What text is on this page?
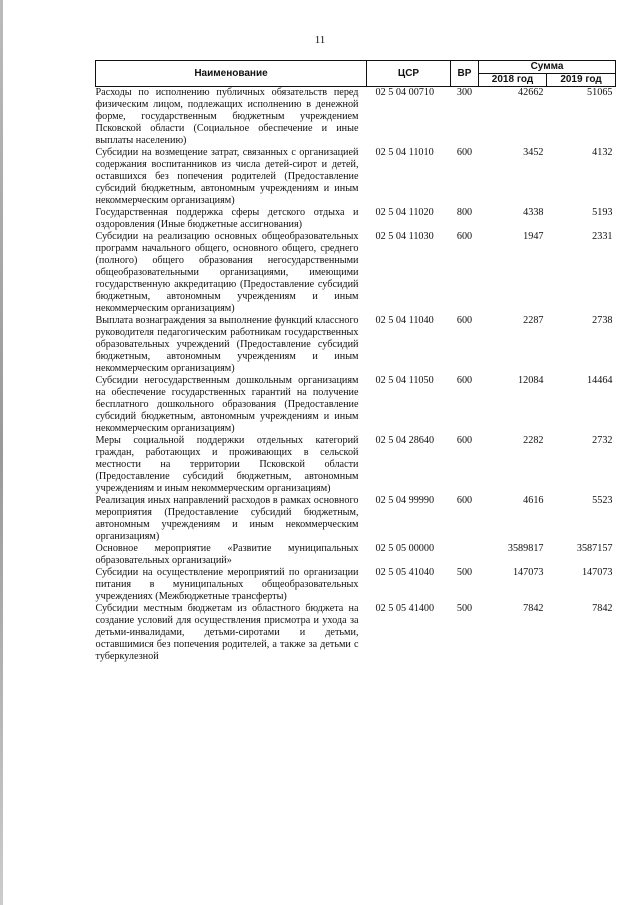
11
Наименование	ЦСР	ВР	Сумма	
			2018 год	2019 год
Расходы по исполнению публичных обязательств перед физическим лицом, подлежащих исполнению в денежной форме, государственным бюджетным учреждением Псковской области (Социальное обеспечение и иные выплаты населению)	02 5 04 00710	300	42662	51065
Субсидии на возмещение затрат, связанных с организацией содержания воспитанников из числа детей-сирот и детей, оставшихся без попечения родителей (Предоставление субсидий бюджетным, автономным учреждениям и иным некоммерческим организациям)	02 5 04 11010	600	3452	4132
Государственная поддержка сферы детского отдыха и оздоровления (Иные бюджетные ассигнования)	02 5 04 11020	800	4338	5193
Субсидии на реализацию основных общеобразовательных программ начального общего, основного общего, среднего (полного) общего образования негосударственными общеобразовательными организациями, имеющими государственную аккредитацию (Предоставление субсидий бюджетным, автономным учреждениям и иным некоммерческим организациям)	02 5 04 11030	600	1947	2331
Выплата вознаграждения за выполнение функций классного руководителя педагогическим работникам государственных образовательных учреждений (Предоставление субсидий бюджетным, автономным учреждениям и иным некоммерческим организациям)	02 5 04 11040	600	2287	2738
Субсидии негосударственным дошкольным организациям на обеспечение государственных гарантий на получение бесплатного дошкольного образования (Предоставление субсидий бюджетным, автономным учреждениям и иным некоммерческим организациям)	02 5 04 11050	600	12084	14464
Меры социальной поддержки отдельных категорий граждан, работающих и проживающих в сельской местности на территории Псковской области (Предоставление субсидий бюджетным, автономным учреждениям и иным некоммерческим организациям)	02 5 04 28640	600	2282	2732
Реализация иных направлений расходов в рамках основного мероприятия (Предоставление субсидий бюджетным, автономным учреждениям и иным некоммерческим организациям)	02 5 04 99990	600	4616	5523
Основное мероприятие «Развитие муниципальных образовательных организаций»	02 5 05 00000		3589817	3587157
Субсидии на осуществление мероприятий по организации питания в муниципальных общеобразовательных учреждениях (Межбюджетные трансферты)	02 5 05 41040	500	147073	147073
Субсидии местным бюджетам из областного бюджета на создание условий для осуществления присмотра и ухода за детьми-инвалидами, детьми-сиротами и детьми, оставшимися без попечения родителей, а также за детьми с туберкулезной	02 5 05 41400	500	7842	7842
